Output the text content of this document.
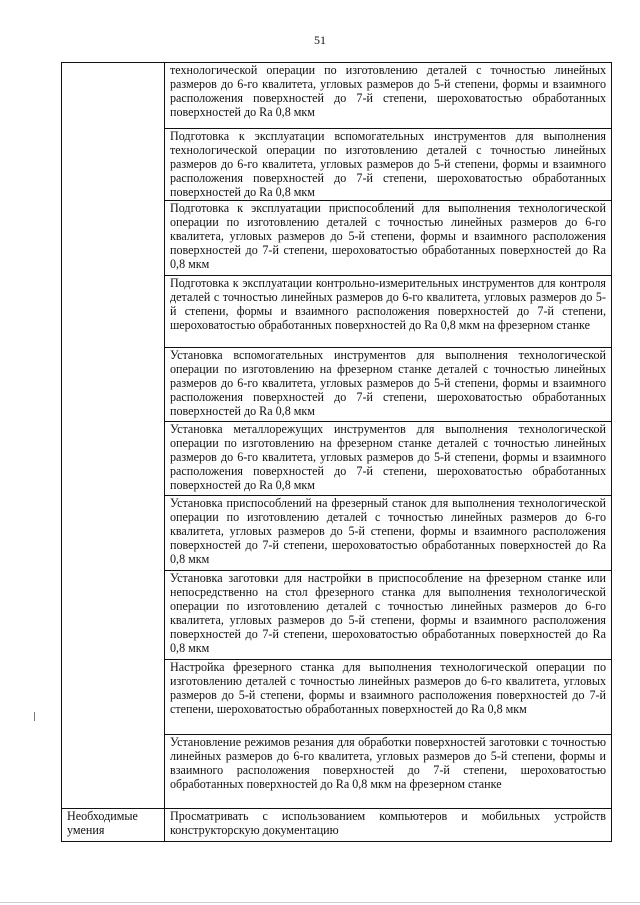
51
	технологической операции по изготовлению деталей с точностью линейных размеров до 6-го квалитета, угловых размеров до 5-й степени, формы и взаимного расположения поверхностей до 7-й степени, шероховатостью обработанных поверхностей до Ra 0,8 мкм
	Подготовка к эксплуатации вспомогательных инструментов для выполнения технологической операции по изготовлению деталей с точностью линейных размеров до 6-го квалитета, угловых размеров до 5-й степени, формы и взаимного расположения поверхностей до 7-й степени, шероховатостью обработанных поверхностей до Ra 0,8 мкм
	Подготовка к эксплуатации приспособлений для выполнения технологической операции по изготовлению деталей с точностью линейных размеров до 6-го квалитета, угловых размеров до 5-й степени, формы и взаимного расположения поверхностей до 7-й степени, шероховатостью обработанных поверхностей до Ra 0,8 мкм
	Подготовка к эксплуатации контрольно-измерительных инструментов для контроля деталей с точностью линейных размеров до 6-го квалитета, угловых размеров до 5-й степени, формы и взаимного расположения поверхностей до 7-й степени, шероховатостью обработанных поверхностей до Ra 0,8 мкм на фрезерном станке
	Установка вспомогательных инструментов для выполнения технологической операции по изготовлению на фрезерном станке деталей с точностью линейных размеров до 6-го квалитета, угловых размеров до 5-й степени, формы и взаимного расположения поверхностей до 7-й степени, шероховатостью обработанных поверхностей до Ra 0,8 мкм
	Установка металлорежущих инструментов для выполнения технологической операции по изготовлению на фрезерном станке деталей с точностью линейных размеров до 6-го квалитета, угловых размеров до 5-й степени, формы и взаимного расположения поверхностей до 7-й степени, шероховатостью обработанных поверхностей до Ra 0,8 мкм
	Установка приспособлений на фрезерный станок для выполнения технологической операции по изготовлению деталей с точностью линейных размеров до 6-го квалитета, угловых размеров до 5-й степени, формы и взаимного расположения поверхностей до 7-й степени, шероховатостью обработанных поверхностей до Ra 0,8 мкм
	Установка заготовки для настройки в приспособление на фрезерном станке или непосредственно на стол фрезерного станка для выполнения технологической операции по изготовлению деталей с точностью линейных размеров до 6-го квалитета, угловых размеров до 5-й степени, формы и взаимного расположения поверхностей до 7-й степени, шероховатостью обработанных поверхностей до Ra 0,8 мкм
	Настройка фрезерного станка для выполнения технологической операции по изготовлению деталей с точностью линейных размеров до 6-го квалитета, угловых размеров до 5-й степени, формы и взаимного расположения поверхностей до 7-й степени, шероховатостью обработанных поверхностей до Ra 0,8 мкм
	Установление режимов резания для обработки поверхностей заготовки с точностью линейных размеров до 6-го квалитета, угловых размеров до 5-й степени, формы и взаимного расположения поверхностей до 7-й степени, шероховатостью обработанных поверхностей до Ra 0,8 мкм на фрезерном станке
Необходимые умения	Просматривать с использованием компьютеров и мобильных устройств конструкторскую документацию
